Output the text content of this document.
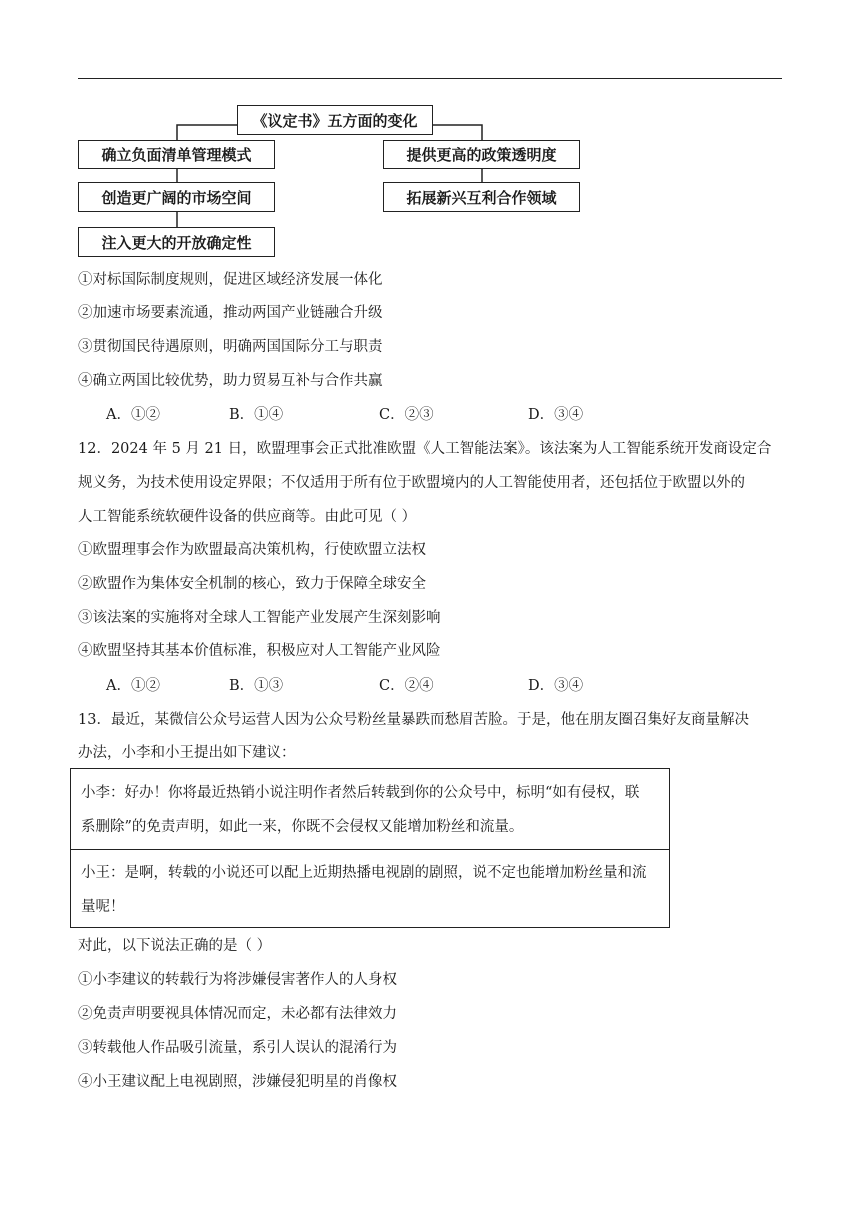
《议定书》五方面的变化
确立负面清单管理模式
创造更广阔的市场空间
注入更大的开放确定性
提供更高的政策透明度
拓展新兴互利合作领域
①对标国际制度规则，促进区域经济发展一体化
②加速市场要素流通，推动两国产业链融合升级
③贯彻国民待遇原则，明确两国国际分工与职责
④确立两国比较优势，助力贸易互补与合作共赢
A．①②	B．①④	C．②③	D．③④
12．2024 年 5 月 21 日，欧盟理事会正式批准欧盟《人工智能法案》。该法案为人工智能系统开发商设定合
规义务，为技术使用设定界限；不仅适用于所有位于欧盟境内的人工智能使用者，还包括位于欧盟以外的
人工智能系统软硬件设备的供应商等。由此可见（ ）
①欧盟理事会作为欧盟最高决策机构，行使欧盟立法权
②欧盟作为集体安全机制的核心，致力于保障全球安全
③该法案的实施将对全球人工智能产业发展产生深刻影响
④欧盟坚持其基本价值标准，积极应对人工智能产业风险
A．①②	B．①③	C．②④	D．③④
13．最近，某微信公众号运营人因为公众号粉丝量暴跌而愁眉苦脸。于是，他在朋友圈召集好友商量解决
办法，小李和小王提出如下建议：
小李：好办！你将最近热销小说注明作者然后转载到你的公众号中，标明“如有侵权，联
系删除”的免责声明，如此一来，你既不会侵权又能增加粉丝和流量。
小王：是啊，转载的小说还可以配上近期热播电视剧的剧照，说不定也能增加粉丝量和流
量呢！
对此，以下说法正确的是（ ）
①小李建议的转载行为将涉嫌侵害著作人的人身权
②免责声明要视具体情况而定，未必都有法律效力
③转载他人作品吸引流量，系引人误认的混淆行为
④小王建议配上电视剧照，涉嫌侵犯明星的肖像权
